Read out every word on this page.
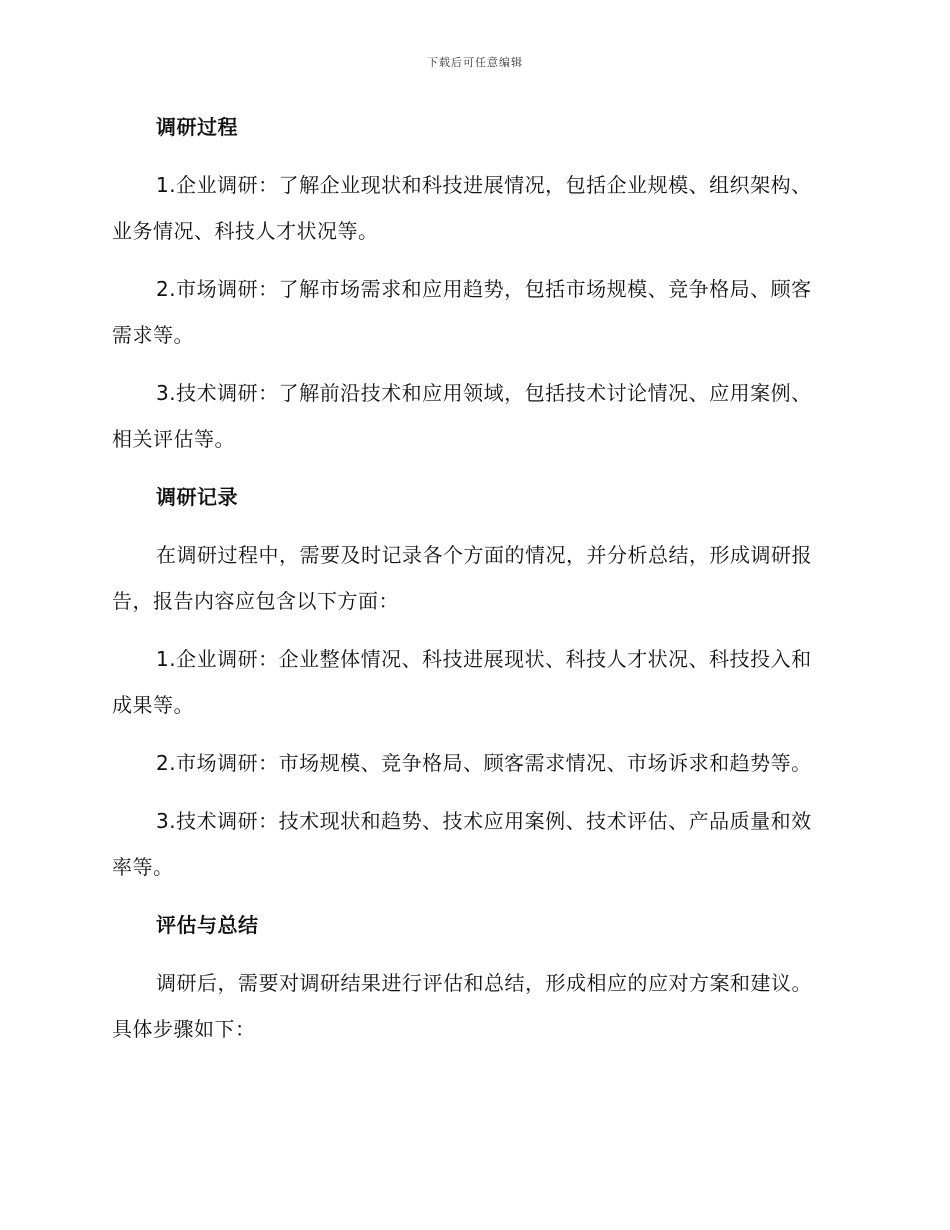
下载后可任意编辑
调研过程

1.企业调研：了解企业现状和科技进展情况，包括企业规模、组织架构、业务情况、科技人才状况等。

2.市场调研：了解市场需求和应用趋势，包括市场规模、竞争格局、顾客需求等。

3.技术调研：了解前沿技术和应用领域，包括技术讨论情况、应用案例、相关评估等。

调研记录

在调研过程中，需要及时记录各个方面的情况，并分析总结，形成调研报告，报告内容应包含以下方面：

1.企业调研：企业整体情况、科技进展现状、科技人才状况、科技投入和成果等。

2.市场调研：市场规模、竞争格局、顾客需求情况、市场诉求和趋势等。

3.技术调研：技术现状和趋势、技术应用案例、技术评估、产品质量和效率等。

评估与总结

调研后，需要对调研结果进行评估和总结，形成相应的应对方案和建议。具体步骤如下：
